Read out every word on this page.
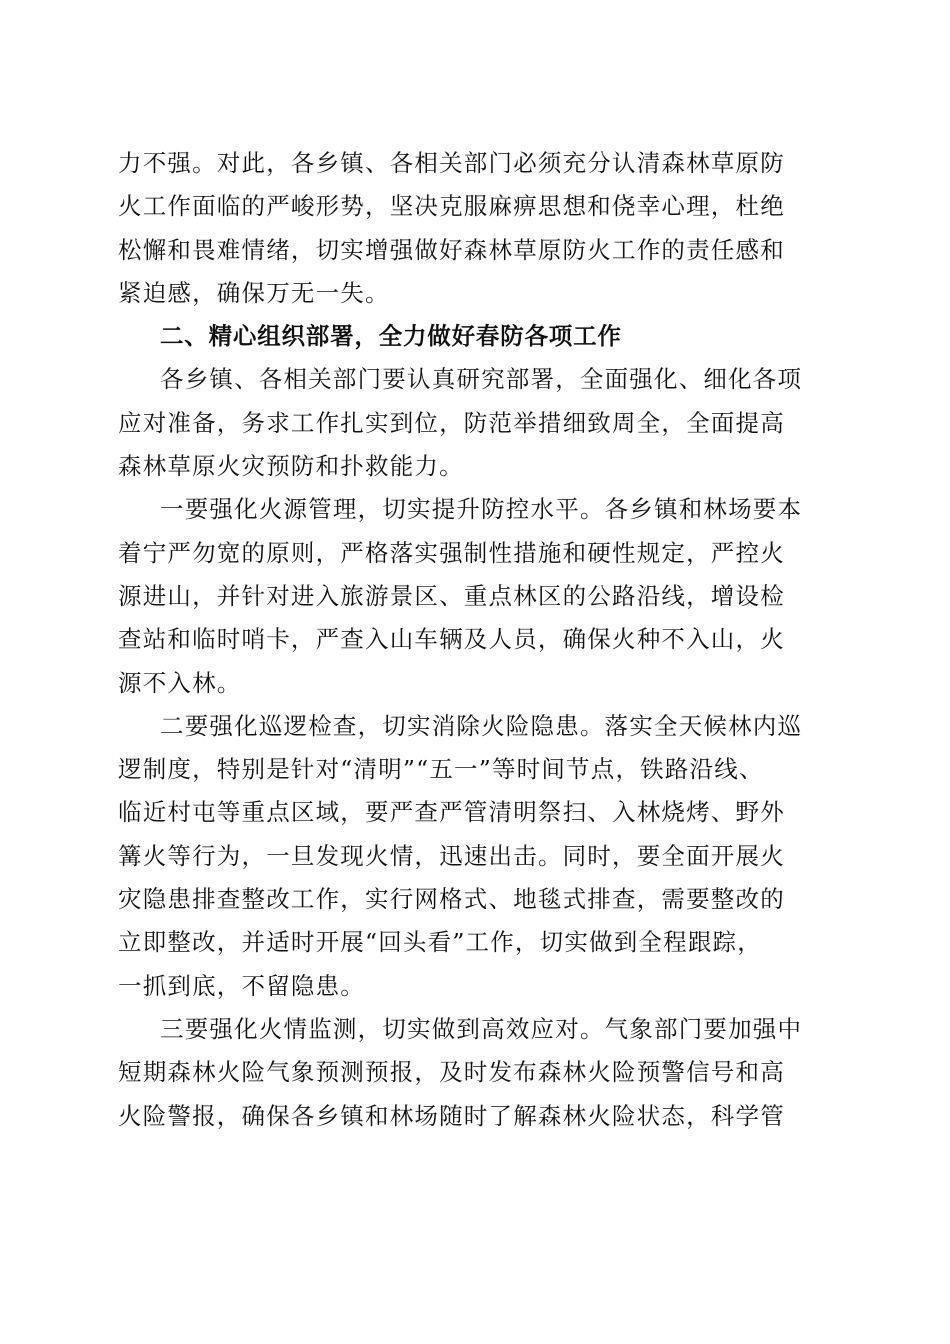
力不强。对此，各乡镇、各相关部门必须充分认清森林草原防
火工作面临的严峻形势，坚决克服麻痹思想和侥幸心理，杜绝
松懈和畏难情绪，切实增强做好森林草原防火工作的责任感和
紧迫感，确保万无一失。
二、精心组织部署，全力做好春防各项工作
各乡镇、各相关部门要认真研究部署，全面强化、细化各项
应对准备，务求工作扎实到位，防范举措细致周全，全面提高
森林草原火灾预防和扑救能力。
一要强化火源管理，切实提升防控水平。各乡镇和林场要本
着宁严勿宽的原则，严格落实强制性措施和硬性规定，严控火
源进山，并针对进入旅游景区、重点林区的公路沿线，增设检
查站和临时哨卡，严查入山车辆及人员，确保火种不入山，火
源不入林。
二要强化巡逻检查，切实消除火险隐患。落实全天候林内巡
逻制度，特别是针对“清明”“五一”等时间节点，铁路沿线、
临近村屯等重点区域，要严查严管清明祭扫、入林烧烤、野外
篝火等行为，一旦发现火情，迅速出击。同时，要全面开展火
灾隐患排查整改工作，实行网格式、地毯式排查，需要整改的
立即整改，并适时开展“回头看”工作，切实做到全程跟踪，
一抓到底，不留隐患。
三要强化火情监测，切实做到高效应对。气象部门要加强中
短期森林火险气象预测预报，及时发布森林火险预警信号和高
火险警报，确保各乡镇和林场随时了解森林火险状态，科学管
